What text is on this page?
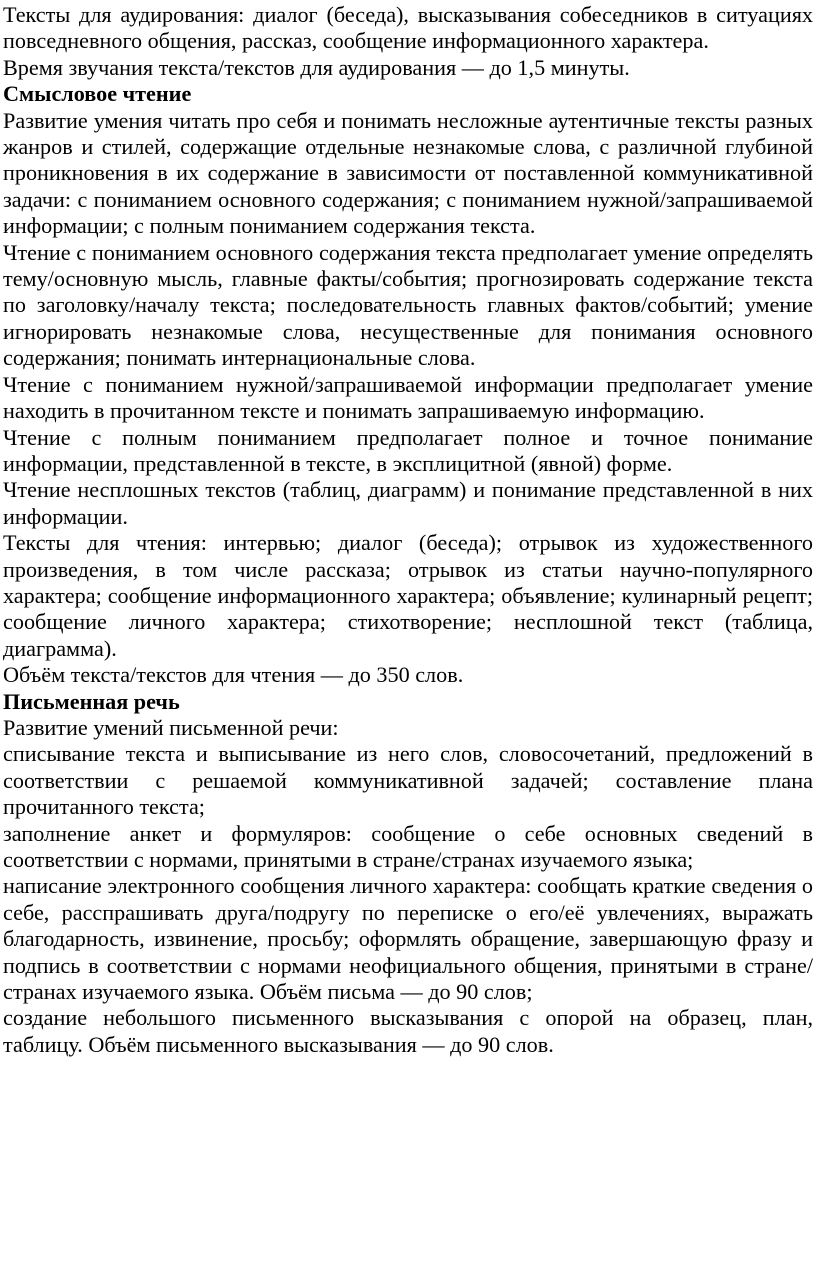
Тексты для аудирования: диалог (беседа), высказывания собеседников в ситуациях повседневного общения, рассказ, сообщение информационного характера.

Время звучания текста/текстов для аудирования — до 1,5 минуты.

Смысловое чтение

Развитие умения читать про себя и понимать несложные аутентичные тексты разных жанров и стилей, содержащие отдельные незнакомые слова, с различной глубиной проникновения в их содержание в зависимости от поставленной коммуникативной задачи: с пониманием основного содержания; с пониманием нужной/запрашиваемой информации; с полным пониманием содержания текста.

Чтение с пониманием основного содержания текста предполагает умение определять тему/основную мысль, главные факты/события; прогнозировать содержание текста по заголовку/началу текста; последовательность главных фактов/событий; умение игнорировать незнакомые слова, несущественные для понимания основного содержания; понимать интернациональные слова.

Чтение с пониманием нужной/запрашиваемой информации предполагает умение находить в прочитанном тексте и понимать запрашиваемую информацию.

Чтение с полным пониманием предполагает полное и точное понимание информации, представленной в тексте, в эксплицитной (явной) форме.

Чтение несплошных текстов (таблиц, диаграмм) и понимание представленной в них информации.

Тексты для чтения: интервью; диалог (беседа); отрывок из художественного произведения, в том числе рассказа; отрывок из статьи научно-популярного характера; сообщение информационного характера; объявление; кулинарный рецепт; сообщение личного характера; стихотворение; несплошной текст (таблица, диаграмма).

Объём текста/текстов для чтения — до 350 слов.

Письменная речь

Развитие умений письменной речи:

списывание текста и выписывание из него слов, словосочетаний, предложений в соответствии с решаемой коммуникативной задачей; составление плана прочитанного текста;

заполнение анкет и формуляров: сообщение о себе основных сведений в соответствии с нормами, принятыми в стране/странах изучаемого языка;

написание электронного сообщения личного характера: сообщать краткие сведения о себе, расспрашивать друга/подругу по переписке о его/её увлечениях, выражать благодарность, извинение, просьбу; оформлять обращение, завершающую фразу и подпись в соответствии с нормами неофициального общения, принятыми в стране/странах изучаемого языка. Объём письма — до 90 слов;

создание небольшого письменного высказывания с опорой на образец, план, таблицу. Объём письменного высказывания — до 90 слов.
